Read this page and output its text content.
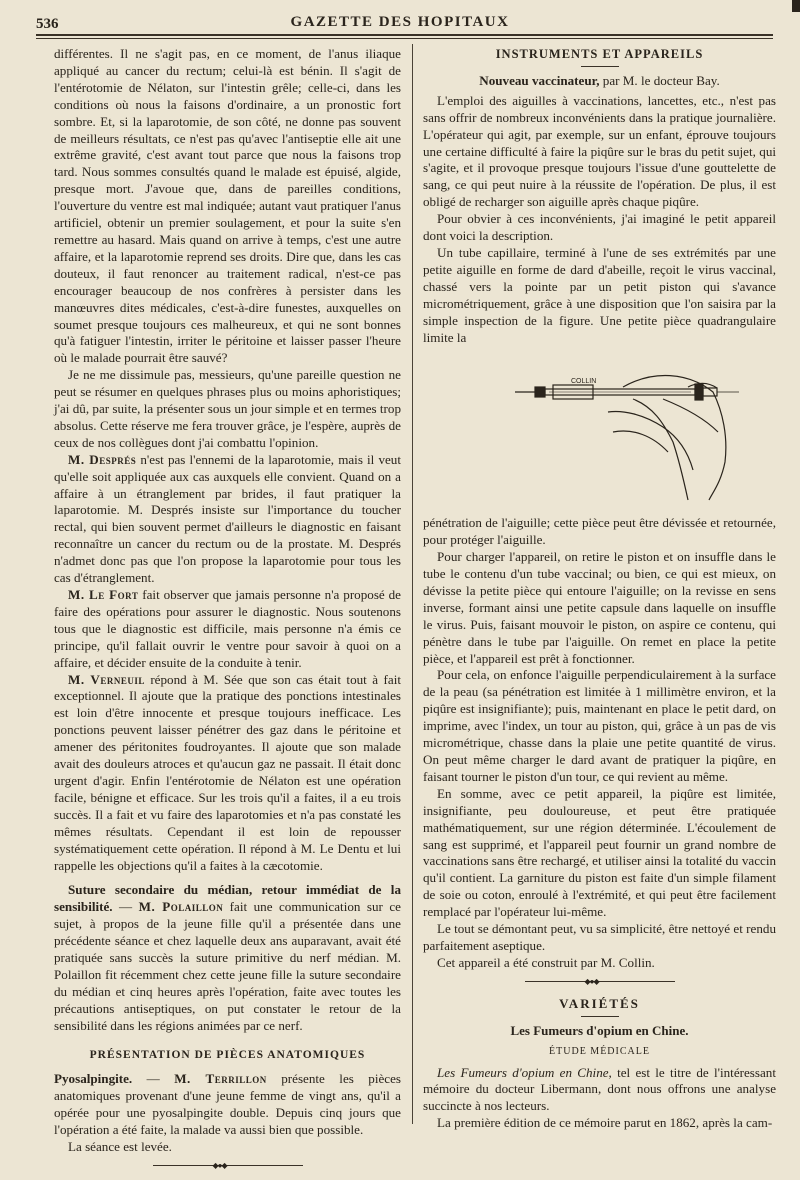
536	GAZETTE DES HOPITAUX

différentes. Il ne s'agit pas, en ce moment, de l'anus iliaque appliqué au cancer du rectum; celui-là est bénin. Il s'agit de l'entérotomie de Nélaton, sur l'intestin grêle; celle-ci, dans les conditions où nous la faisons d'ordinaire, a un pronostic fort sombre. Et, si la laparotomie, de son côté, ne donne pas souvent de meilleurs résultats, ce n'est pas qu'avec l'antiseptie elle ait une extrême gravité, c'est avant tout parce que nous la faisons trop tard. Nous sommes consultés quand le malade est épuisé, algide, presque mort. J'avoue que, dans de pareilles conditions, l'ouverture du ventre est mal indiquée; autant vaut pratiquer l'anus artificiel, obtenir un premier soulagement, et pour la suite s'en remettre au hasard. Mais quand on arrive à temps, c'est une autre affaire, et la laparotomie reprend ses droits. Dire que, dans les cas douteux, il faut renoncer au traitement radical, n'est-ce pas encourager beaucoup de nos confrères à persister dans les manœuvres dites médicales, c'est-à-dire funestes, auxquelles on soumet presque toujours ces malheureux, et qui ne sont bonnes qu'à fatiguer l'intestin, irriter le péritoine et laisser passer l'heure où le malade pourrait être sauvé?

Je ne me dissimule pas, messieurs, qu'une pareille question ne peut se résumer en quelques phrases plus ou moins aphoristiques; j'ai dû, par suite, la présenter sous un jour simple et en termes trop absolus. Cette réserve me fera trouver grâce, je l'espère, auprès de ceux de nos collègues dont j'ai combattu l'opinion.

M. Després n'est pas l'ennemi de la laparotomie, mais il veut qu'elle soit appliquée aux cas auxquels elle convient. Quand on a affaire à un étranglement par brides, il faut pratiquer la laparotomie. M. Després insiste sur l'importance du toucher rectal, qui bien souvent permet d'ailleurs le diagnostic en faisant reconnaître un cancer du rectum ou de la prostate. M. Després n'admet donc pas que l'on propose la laparotomie pour tous les cas d'étranglement.

M. Le Fort fait observer que jamais personne n'a proposé de faire des opérations pour assurer le diagnostic. Nous soutenons tous que le diagnostic est difficile, mais personne n'a émis ce principe, qu'il fallait ouvrir le ventre pour savoir à quoi on a affaire, et décider ensuite de la conduite à tenir.

M. Verneuil répond à M. Sée que son cas était tout à fait exceptionnel. Il ajoute que la pratique des ponctions intestinales est loin d'être innocente et presque toujours inefficace. Les ponctions peuvent laisser pénétrer des gaz dans le péritoine et amener des péritonites foudroyantes. Il ajoute que son malade avait des douleurs atroces et qu'aucun gaz ne passait. Il était donc urgent d'agir. Enfin l'entérotomie de Nélaton est une opération facile, bénigne et efficace. Sur les trois qu'il a faites, il a eu trois succès. Il a fait et vu faire des laparotomies et n'a pas constaté les mêmes résultats. Cependant il est loin de repousser systématiquement cette opération. Il répond à M. Le Dentu et lui rappelle les objections qu'il a faites à la cæcotomie.

Suture secondaire du médian, retour immédiat de la sensibilité. — M. Polaillon fait une communication sur ce sujet, à propos de la jeune fille qu'il a présentée dans une précédente séance et chez laquelle deux ans auparavant, avait été pratiquée sans succès la suture primitive du nerf médian. M. Polaillon fit récemment chez cette jeune fille la suture secondaire du médian et cinq heures après l'opération, faite avec toutes les précautions antiseptiques, on put constater le retour de la sensibilité dans les régions animées par ce nerf.

PRÉSENTATION DE PIÈCES ANATOMIQUES

Pyosalpingite. — M. Terrillon présente les pièces anatomiques provenant d'une jeune femme de vingt ans, qu'il a opérée pour une pyosalpingite double. Depuis cinq jours que l'opération a été faite, la malade va aussi bien que possible.

La séance est levée.

◆●◆

INSTRUMENTS ET APPAREILS

Nouveau vaccinateur, par M. le docteur Bay.

L'emploi des aiguilles à vaccinations, lancettes, etc., n'est pas sans offrir de nombreux inconvénients dans la pratique journalière. L'opérateur qui agit, par exemple, sur un enfant, éprouve toujours une certaine difficulté à faire la piqûre sur le bras du petit sujet, qui s'agite, et il provoque presque toujours l'issue d'une gouttelette de sang, ce qui peut nuire à la réussite de l'opération. De plus, il est obligé de recharger son aiguille après chaque piqûre.

Pour obvier à ces inconvénients, j'ai imaginé le petit appareil dont voici la description.

Un tube capillaire, terminé à l'une de ses extrémités par une petite aiguille en forme de dard d'abeille, reçoit le virus vaccinal, chassé vers la pointe par un petit piston qui s'avance micrométriquement, grâce à une disposition que l'on saisira par la simple inspection de la figure. Une petite pièce quadrangulaire limite la

COLLIN

pénétration de l'aiguille; cette pièce peut être dévissée et retournée, pour protéger l'aiguille.

Pour charger l'appareil, on retire le piston et on insuffle dans le tube le contenu d'un tube vaccinal; ou bien, ce qui est mieux, on dévisse la petite pièce qui entoure l'aiguille; on la revisse en sens inverse, formant ainsi une petite capsule dans laquelle on insuffle le virus. Puis, faisant mouvoir le piston, on aspire ce contenu, qui pénètre dans le tube par l'aiguille. On remet en place la petite pièce, et l'appareil est prêt à fonctionner.

Pour cela, on enfonce l'aiguille perpendiculairement à la surface de la peau (sa pénétration est limitée à 1 millimètre environ, et la piqûre est insignifiante); puis, maintenant en place le petit dard, on imprime, avec l'index, un tour au piston, qui, grâce à un pas de vis micrométrique, chasse dans la plaie une petite quantité de virus. On peut même charger le dard avant de pratiquer la piqûre, en faisant tourner le piston d'un tour, ce qui revient au même.

En somme, avec ce petit appareil, la piqûre est limitée, insignifiante, peu douloureuse, et peut être pratiquée mathématiquement, sur une région déterminée. L'écoulement de sang est supprimé, et l'appareil peut fournir un grand nombre de vaccinations sans être rechargé, et utiliser ainsi la totalité du vaccin qu'il contient. La garniture du piston est faite d'un simple filament de soie ou coton, enroulé à l'extrémité, et qui peut être facilement remplacé par l'opérateur lui-même.

Le tout se démontant peut, vu sa simplicité, être nettoyé et rendu parfaitement aseptique.

Cet appareil a été construit par M. Collin.

◆●◆

VARIÉTÉS

Les Fumeurs d'opium en Chine.

ÉTUDE MÉDICALE

Les Fumeurs d'opium en Chine, tel est le titre de l'intéressant mémoire du docteur Libermann, dont nous offrons une analyse succincte à nos lecteurs.

La première édition de ce mémoire parut en 1862, après la cam-
